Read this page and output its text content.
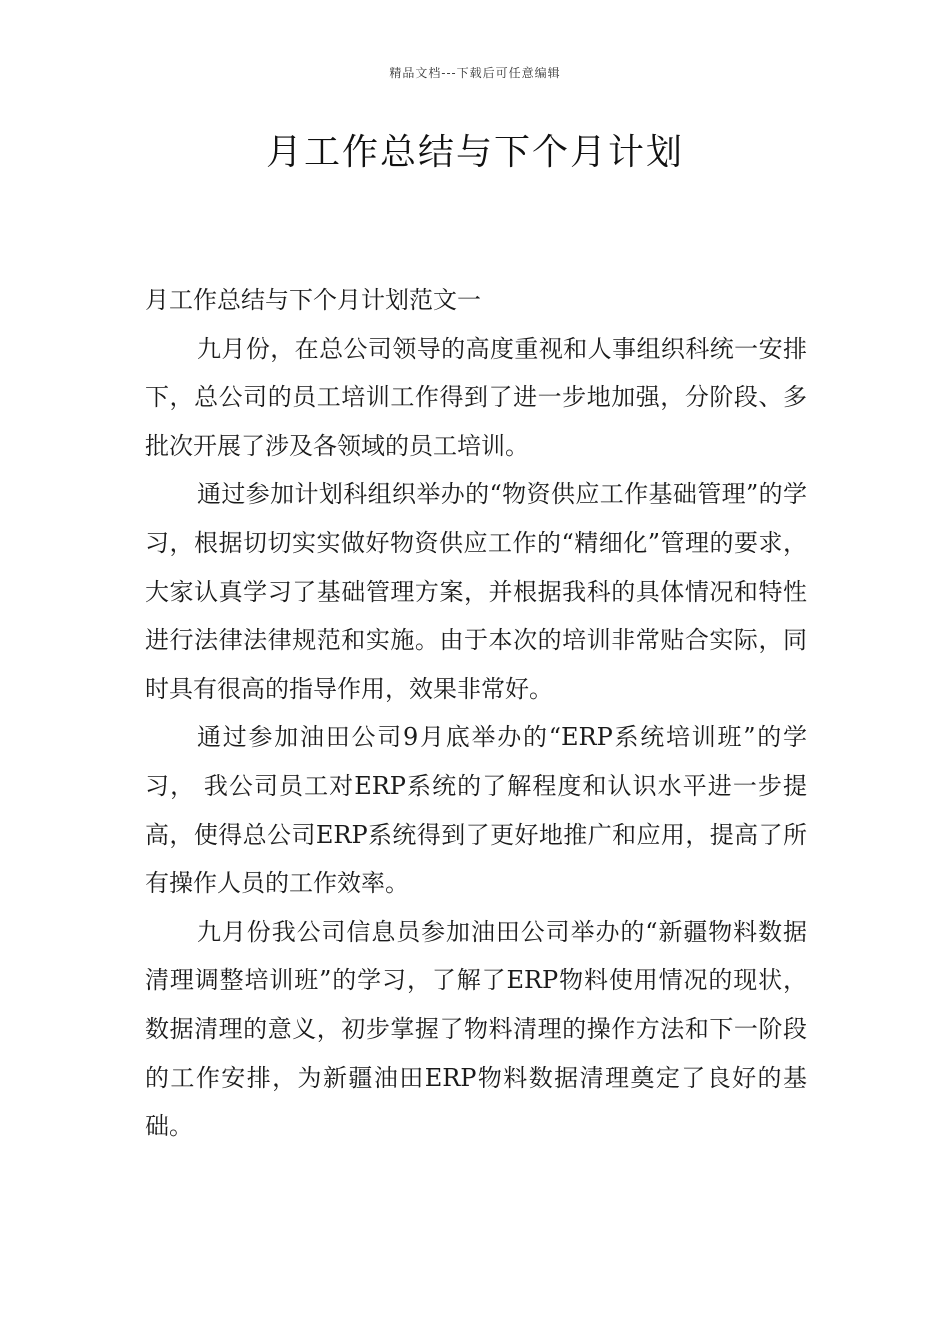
精品文档---下载后可任意编辑
月工作总结与下个月计划

月工作总结与下个月计划范文一

九月份，在总公司领导的高度重视和人事组织科统一安排下，总公司的员工培训工作得到了进一步地加强，分阶段、多批次开展了涉及各领域的员工培训。

通过参加计划科组织举办的“物资供应工作基础管理”的学习，根据切切实实做好物资供应工作的“精细化”管理的要求，大家认真学习了基础管理方案，并根据我科的具体情况和特性进行法律法律规范和实施。由于本次的培训非常贴合实际，同时具有很高的指导作用，效果非常好。

通过参加油田公司9月底举办的“ERP系统培训班”的学习， 我公司员工对ERP系统的了解程度和认识水平进一步提高，使得总公司ERP系统得到了更好地推广和应用，提高了所有操作人员的工作效率。

九月份我公司信息员参加油田公司举办的“新疆物料数据清理调整培训班”的学习，了解了ERP物料使用情况的现状，数据清理的意义，初步掌握了物料清理的操作方法和下一阶段的工作安排，为新疆油田ERP物料数据清理奠定了良好的基础。
